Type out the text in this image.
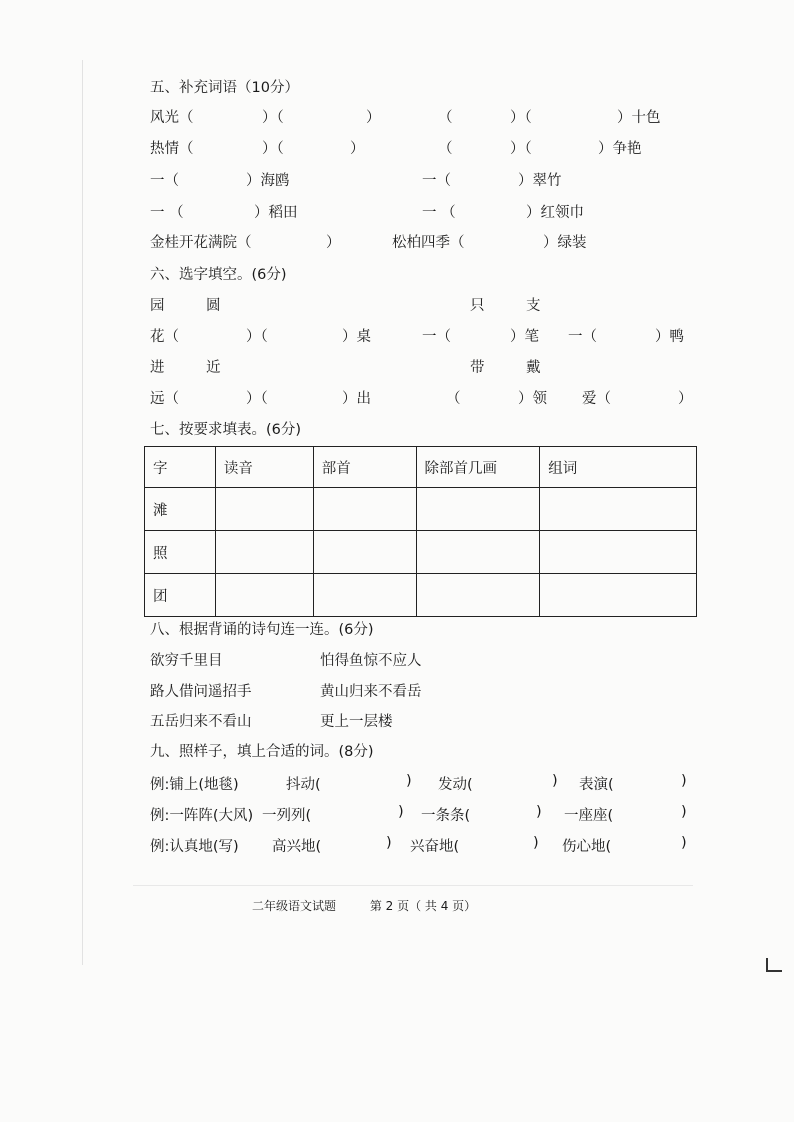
五、补充词语（10分）
风光（	）（	）	（	）（	）十色
热情（	）（	）	（	）（	）争艳
一（	）海鸥	一（	）翠竹
一 （	）稻田	一 （	）红领巾
金桂开花满院（	）	松柏四季（	）绿装
六、选字填空。(6分)
园	圆	只	支
花（	）（	）桌	一（	）笔 一（	）鸭
进	近	带	戴
远（	）（	）出	（	）领 爱（	）
七、按要求填表。(6分)
字	读音	部首	除部首几画	组词
滩				
照				
团				
八、根据背诵的诗句连一连。(6分)
欲穷千里目	怕得鱼惊不应人
路人借问遥招手	黄山归来不看岳
五岳归来不看山	更上一层楼
九、照样子，填上合适的词。(8分)
例:铺上(地毯)	抖动(	) 发动(	) 表演(	)
例:一阵阵(大风) 一列列(	) 一条条(	) 一座座(	)
例:认真地(写) 高兴地(	) 兴奋地(	) 伤心地(	)
二年级语文试题	第 2 页（ 共 4 页）
